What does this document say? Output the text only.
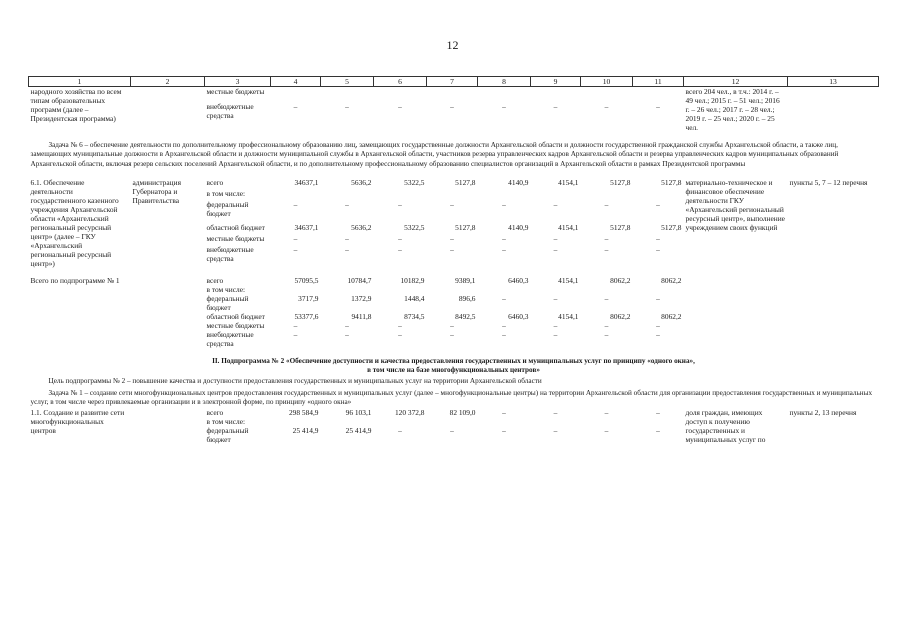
12
1	2	3	4	5	6	7	8	9	10	11	12	13
народного хозяйства по всем типам образовательных программ (далее – Президентская программа)		местные бюджеты									всего 204 чел., в т.ч.: 2014 г. – 49 чел.; 2015 г. – 51 чел.; 2016 г. – 26 чел.; 2017 г. – 28 чел.; 2019 г. – 25 чел.; 2020 г. – 25 чел.	
		внебюджетные средства	–	–	–	–	–	–	–	–		

Задача № 6 – обеспечение деятельности по дополнительному профессиональному образованию лиц, замещающих государственные должности Архангельской области и должности государственной гражданской службы Архангельской области, а также лиц, замещающих муниципальные должности в Архангельской области и должности муниципальной службы в Архангельской области, участников резерва управленческих кадров Архангельской области и резерва управленческих кадров муниципальных образований Архангельской области, включая резерв сельских поселений Архангельской области, и по дополнительному профессиональному образованию специалистов организаций в Архангельской области в рамках Президентской программы												

6.1. Обеспечение деятельности государственного казенного учреждения Архангельской области «Архангельский региональный ресурсный центр» (далее – ГКУ «Архангельский региональный ресурсный центр»)	администрация Губернатора и Правительства	всего	34637,1	5636,2	5322,5	5127,8	4140,9	4154,1	5127,8	5127,8	материально-техническое и финансовое обеспечение деятельности ГКУ «Архангельский региональный ресурсный центр», выполнение учреждением своих функций	пункты 5, 7 – 12 перечня
		в том числе:										
		федеральный бюджет	–	–	–	–	–	–	–	–		
		областной бюджет	34637,1	5636,2	5322,5	5127,8	4140,9	4154,1	5127,8	5127,8		
		местные бюджеты	–	–	–	–	–	–	–	–		
		внебюджетные средства	–	–	–	–	–	–	–	–		

Всего по подпрограмме № 1		всего	57095,5	10784,7	10182,9	9389,1	6460,3	4154,1	8062,2	8062,2		
		в том числе:										
		федеральный бюджет	3717,9	1372,9	1448,4	896,6	–	–	–	–		
		областной бюджет	53377,6	9411,8	8734,5	8492,5	6460,3	4154,1	8062,2	8062,2		
		местные бюджеты	–	–	–	–	–	–	–	–		
		внебюджетные средства	–	–	–	–	–	–	–	–		

II. Подпрограмма № 2 «Обеспечение доступности и качества предоставления государственных и муниципальных услуг по принципу «одного окна»,
в том числе на базе многофункциональных центров»												

Цель подпрограммы № 2 – повышение качества и доступности предоставления государственных и муниципальных услуг на территории Архангельской области												

Задача № 1 – создание сети многофункциональных центров предоставления государственных и муниципальных услуг (далее – многофункциональные центры) на территории Архангельской области для организации предоставления государственных и муниципальных услуг, в том числе через привлекаемые организации и в электронной форме, по принципу «одного окна»												

1.1. Создание и развитие сети многофункциональных центров		всего	298 584,9	96 103,1	120 372,8	82 109,0	–	–	–	–	доля граждан, имеющих доступ к получению государственных и муниципальных услуг по	пункты 2, 13 перечня
		в том числе:										
		федеральный бюджет	25 414,9	25 414,9	–	–	–	–	–	–		
